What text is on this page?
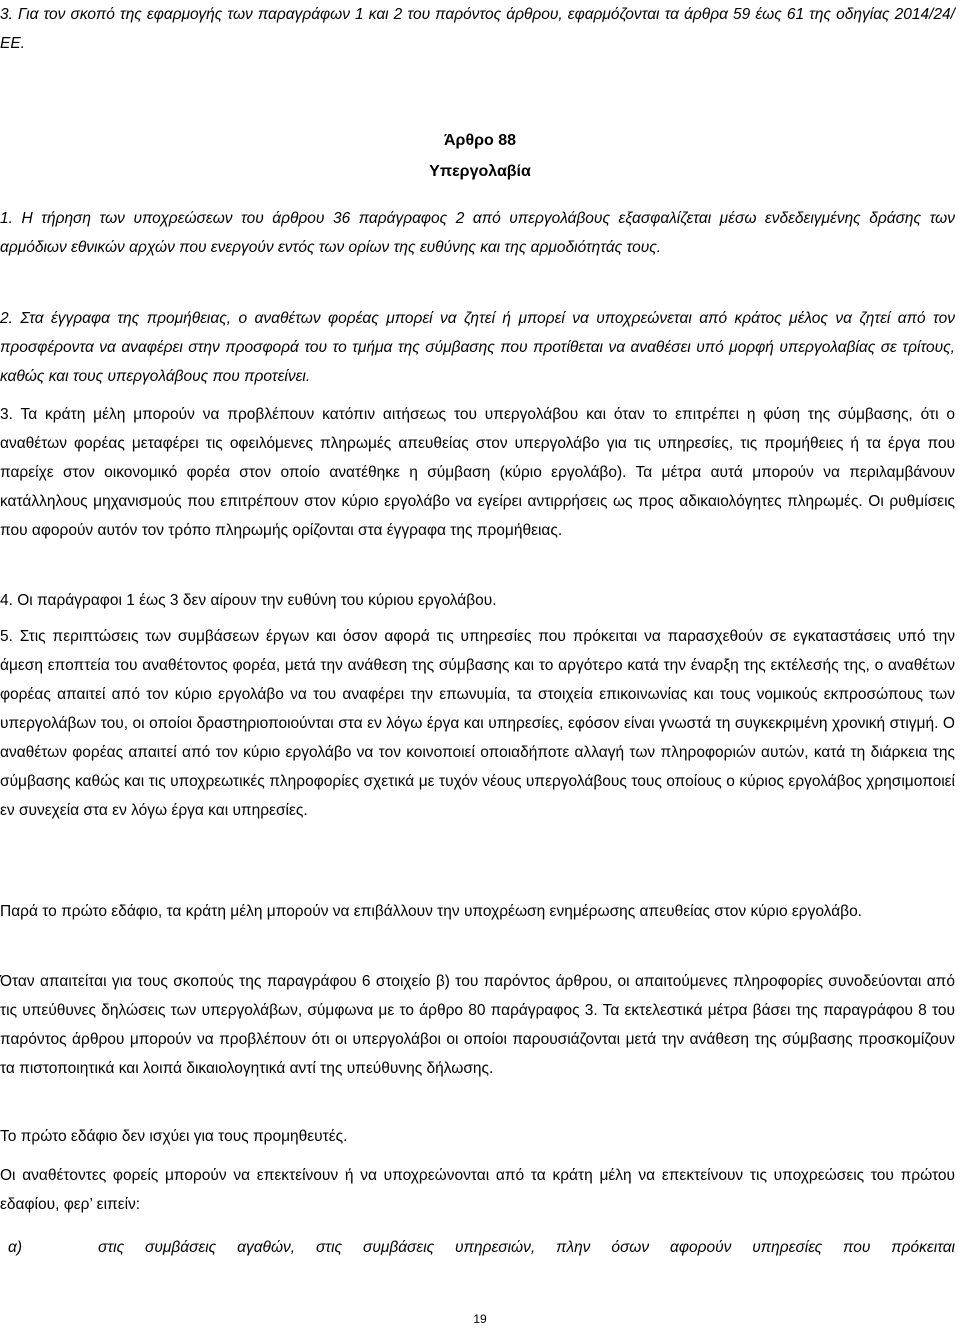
3. Για τον σκοπό της εφαρμογής των παραγράφων 1 και 2 του παρόντος άρθρου, εφαρμόζονται τα άρθρα 59 έως 61 της οδηγίας 2014/24/ΕΕ.
Άρθρο 88
Υπεργολαβία
1. Η τήρηση των υποχρεώσεων του άρθρου 36 παράγραφος 2 από υπεργολάβους εξασφαλίζεται μέσω ενδεδειγμένης δράσης των αρμόδιων εθνικών αρχών που ενεργούν εντός των ορίων της ευθύνης και της αρμοδιότητάς τους.
2. Στα έγγραφα της προμήθειας, ο αναθέτων φορέας μπορεί να ζητεί ή μπορεί να υποχρεώνεται από κράτος μέλος να ζητεί από τον προσφέροντα να αναφέρει στην προσφορά του το τμήμα της σύμβασης που προτίθεται να αναθέσει υπό μορφή υπεργολαβίας σε τρίτους, καθώς και τους υπεργολάβους που προτείνει.
3. Τα κράτη μέλη μπορούν να προβλέπουν κατόπιν αιτήσεως του υπεργολάβου και όταν το επιτρέπει η φύση της σύμβασης, ότι ο αναθέτων φορέας μεταφέρει τις οφειλόμενες πληρωμές απευθείας στον υπεργολάβο για τις υπηρεσίες, τις προμήθειες ή τα έργα που παρείχε στον οικονομικό φορέα στον οποίο ανατέθηκε η σύμβαση (κύριο εργολάβο). Τα μέτρα αυτά μπορούν να περιλαμβάνουν κατάλληλους μηχανισμούς που επιτρέπουν στον κύριο εργολάβο να εγείρει αντιρρήσεις ως προς αδικαιολόγητες πληρωμές. Οι ρυθμίσεις που αφορούν αυτόν τον τρόπο πληρωμής ορίζονται στα έγγραφα της προμήθειας.
4. Οι παράγραφοι 1 έως 3 δεν αίρουν την ευθύνη του κύριου εργολάβου.
5. Στις περιπτώσεις των συμβάσεων έργων και όσον αφορά τις υπηρεσίες που πρόκειται να παρασχεθούν σε εγκαταστάσεις υπό την άμεση εποπτεία του αναθέτοντος φορέα, μετά την ανάθεση της σύμβασης και το αργότερο κατά την έναρξη της εκτέλεσής της, ο αναθέτων φορέας απαιτεί από τον κύριο εργολάβο να του αναφέρει την επωνυμία, τα στοιχεία επικοινωνίας και τους νομικούς εκπροσώπους των υπεργολάβων του, οι οποίοι δραστηριοποιούνται στα εν λόγω έργα και υπηρεσίες, εφόσον είναι γνωστά τη συγκεκριμένη χρονική στιγμή. Ο αναθέτων φορέας απαιτεί από τον κύριο εργολάβο να τον κοινοποιεί οποιαδήποτε αλλαγή των πληροφοριών αυτών, κατά τη διάρκεια της σύμβασης καθώς και τις υποχρεωτικές πληροφορίες σχετικά με τυχόν νέους υπεργολάβους τους οποίους ο κύριος εργολάβος χρησιμοποιεί εν συνεχεία στα εν λόγω έργα και υπηρεσίες.
Παρά το πρώτο εδάφιο, τα κράτη μέλη μπορούν να επιβάλλουν την υποχρέωση ενημέρωσης απευθείας στον κύριο εργολάβο.
Όταν απαιτείται για τους σκοπούς της παραγράφου 6 στοιχείο β) του παρόντος άρθρου, οι απαιτούμενες πληροφορίες συνοδεύονται από τις υπεύθυνες δηλώσεις των υπεργολάβων, σύμφωνα με το άρθρο 80 παράγραφος 3. Τα εκτελεστικά μέτρα βάσει της παραγράφου 8 του παρόντος άρθρου μπορούν να προβλέπουν ότι οι υπεργολάβοι οι οποίοι παρουσιάζονται μετά την ανάθεση της σύμβασης προσκομίζουν τα πιστοποιητικά και λοιπά δικαιολογητικά αντί της υπεύθυνης δήλωσης.
Το πρώτο εδάφιο δεν ισχύει για τους προμηθευτές.
Οι αναθέτοντες φορείς μπορούν να επεκτείνουν ή να υποχρεώνονται από τα κράτη μέλη να επεκτείνουν τις υποχρεώσεις του πρώτου εδαφίου, φερ’ ειπείν:
α)	στις συμβάσεις αγαθών, στις συμβάσεις υπηρεσιών, πλην όσων αφορούν υπηρεσίες που πρόκειται
19
